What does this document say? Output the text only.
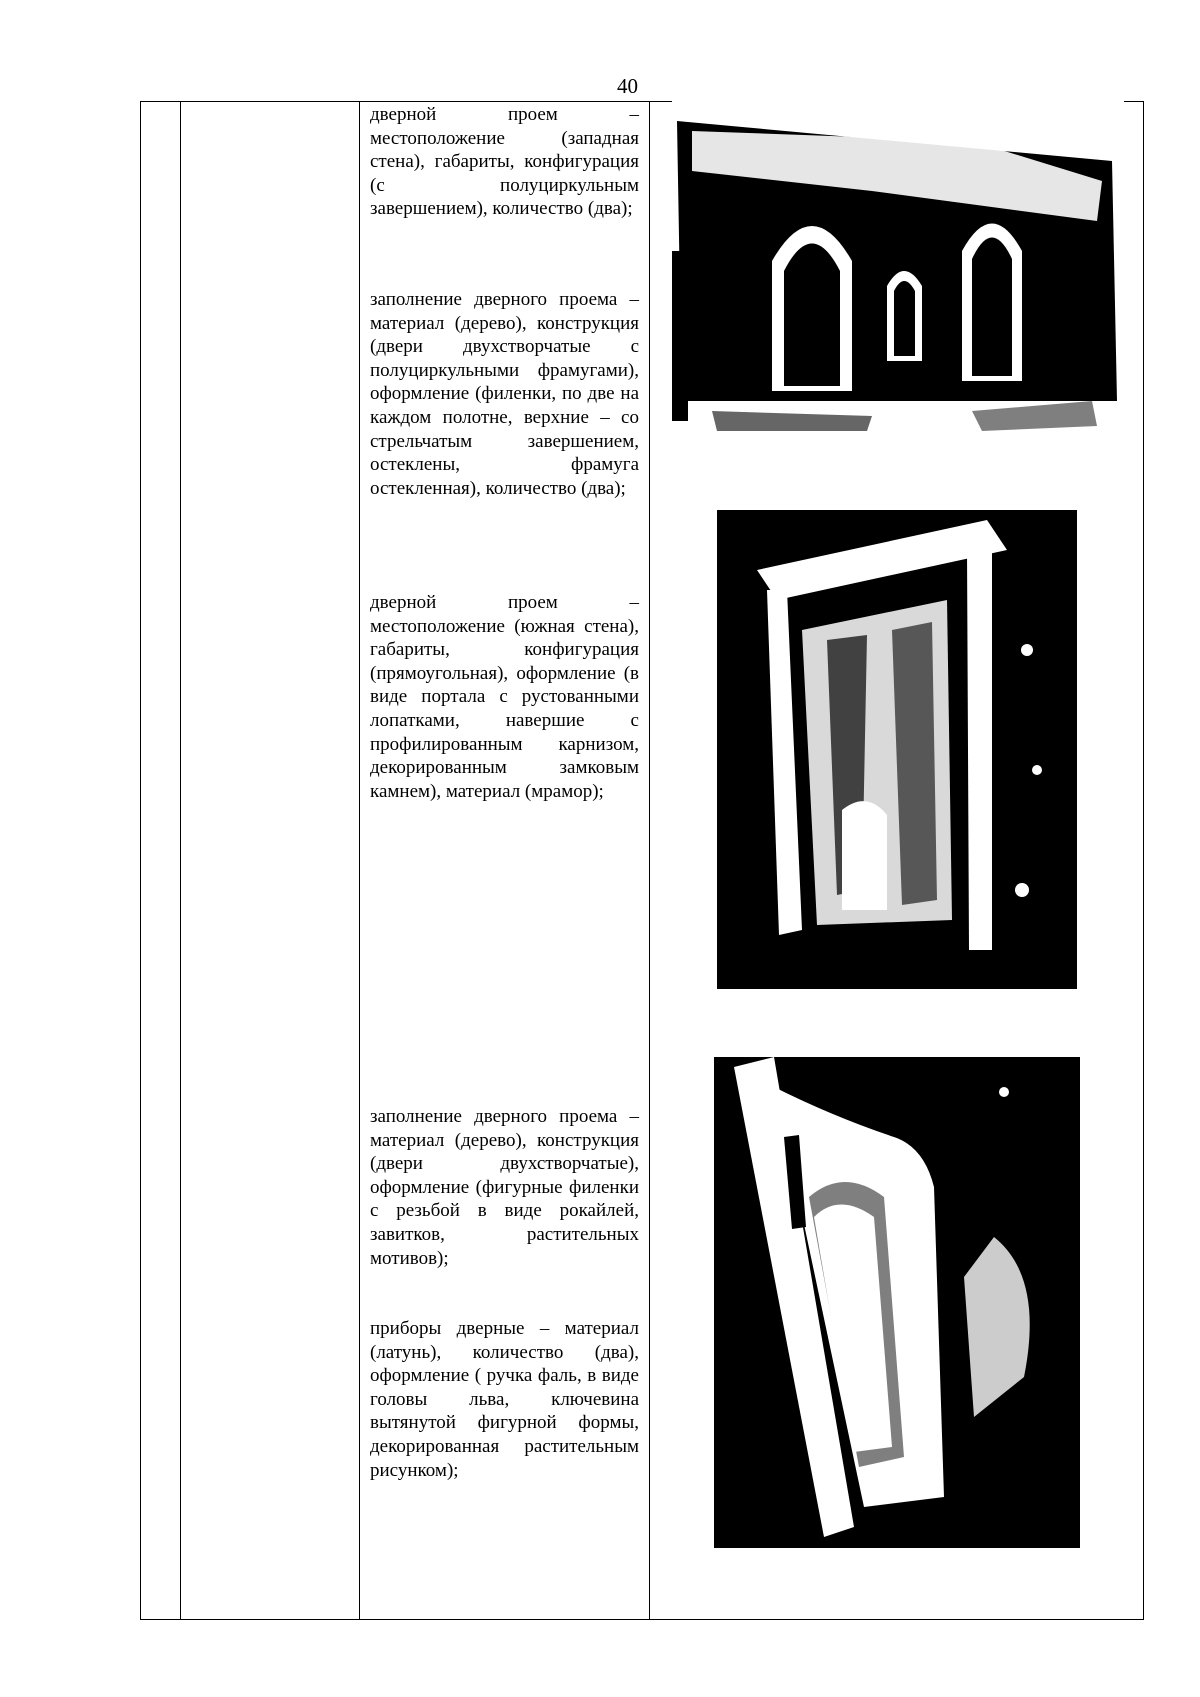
40

дверной проем – местоположение (западная стена), габариты, конфигурация (с полуциркульным завершением), количество (два);

заполнение дверного проема – материал (дерево), конструкция (двери двухстворчатые с полуциркульными фрамугами), оформление (филенки, по две на каждом полотне, верхние – со стрельчатым завершением, остеклены, фрамуга остекленная), количество (два);

дверной проем – местоположение (южная стена), габариты, конфигурация (прямоугольная), оформление (в виде портала с рустованными лопатками, навершие с профилированным карнизом, декорированным замковым камнем), материал (мрамор);

заполнение дверного проема – материал (дерево), конструкция (двери двухстворчатые), оформление (фигурные филенки с резьбой в виде рокайлей, завитков, растительных мотивов);

приборы дверные – материал (латунь), количество (два), оформление ( ручка фаль, в виде головы льва, ключевина вытянутой фигурной формы, декорированная растительным рисунком);
